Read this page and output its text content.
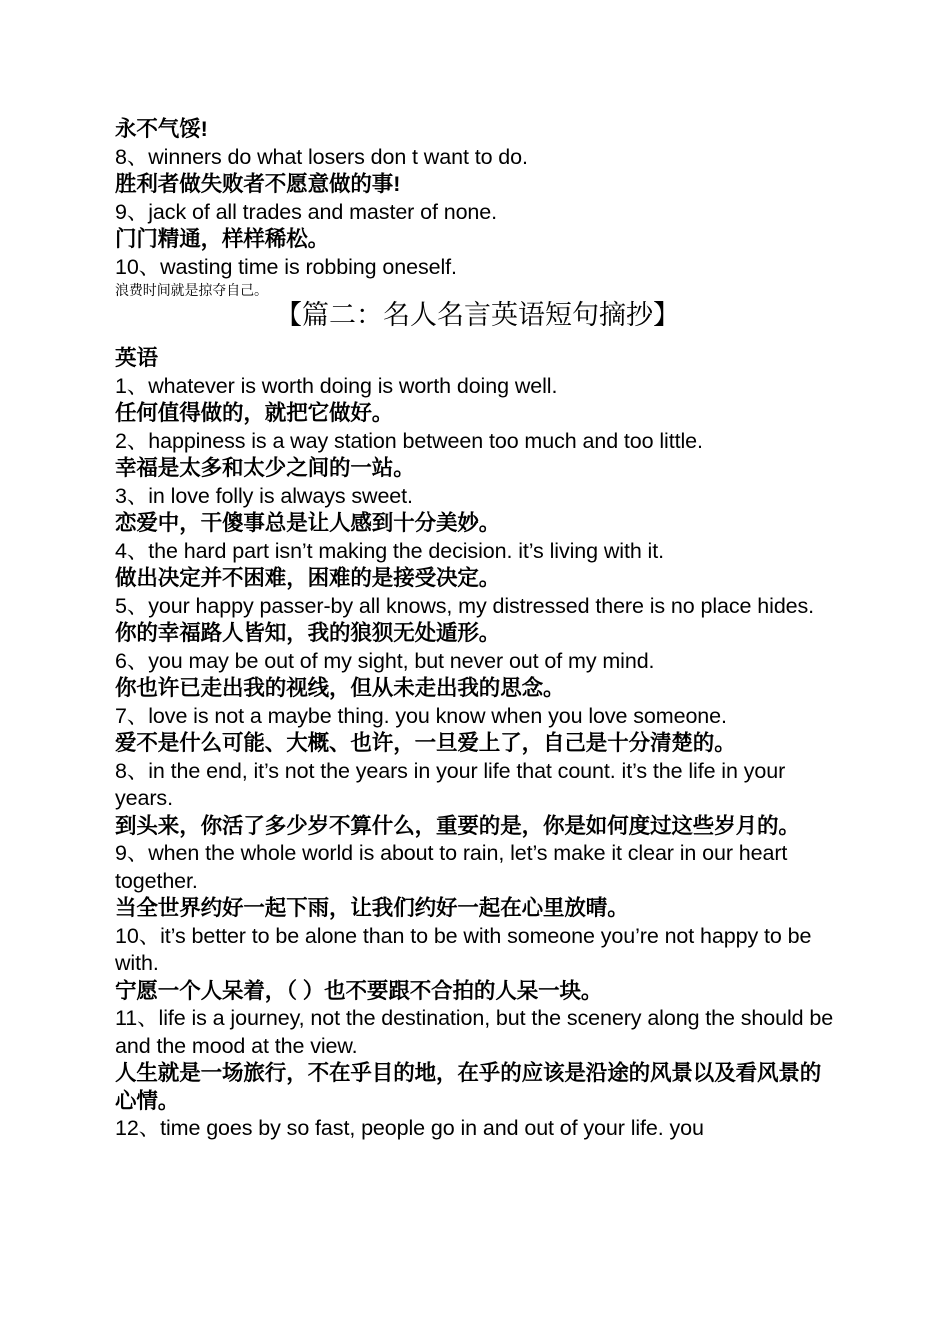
永不气馁!

8、winners do what losers don t want to do.

胜利者做失败者不愿意做的事!

9、jack of all trades and master of none.

门门精通，样样稀松。

10、wasting time is robbing oneself.

浪费时间就是掠夺自己。

【篇二：名人名言英语短句摘抄】

英语

1、whatever is worth doing is worth doing well.

任何值得做的，就把它做好。

2、happiness is a way station between too much and too little.

幸福是太多和太少之间的一站。

3、in love folly is always sweet.

恋爱中，干傻事总是让人感到十分美妙。

4、the hard part isn’t making the decision. it’s living with it.

做出决定并不困难，困难的是接受决定。

5、your happy passer-by all knows, my distressed there is no place hides.

你的幸福路人皆知，我的狼狈无处遁形。

6、you may be out of my sight, but never out of my mind.

你也许已走出我的视线，但从未走出我的思念。

7、love is not a maybe thing. you know when you love someone.

爱不是什么可能、大概、也许，一旦爱上了，自己是十分清楚的。

8、in the end, it’s not the years in your life that count. it’s the life in your years.

到头来，你活了多少岁不算什么，重要的是，你是如何度过这些岁月的。

9、when the whole world is about to rain, let’s make it clear in our heart together.

当全世界约好一起下雨，让我们约好一起在心里放晴。

10、it’s better to be alone than to be with someone you’re not happy to be with.

宁愿一个人呆着，（ ）也不要跟不合拍的人呆一块。

11、life is a journey, not the destination, but the scenery along the should be and the mood at the view.

人生就是一场旅行，不在乎目的地，在乎的应该是沿途的风景以及看风景的心情。

12、time goes by so fast, people go in and out of your life. you
